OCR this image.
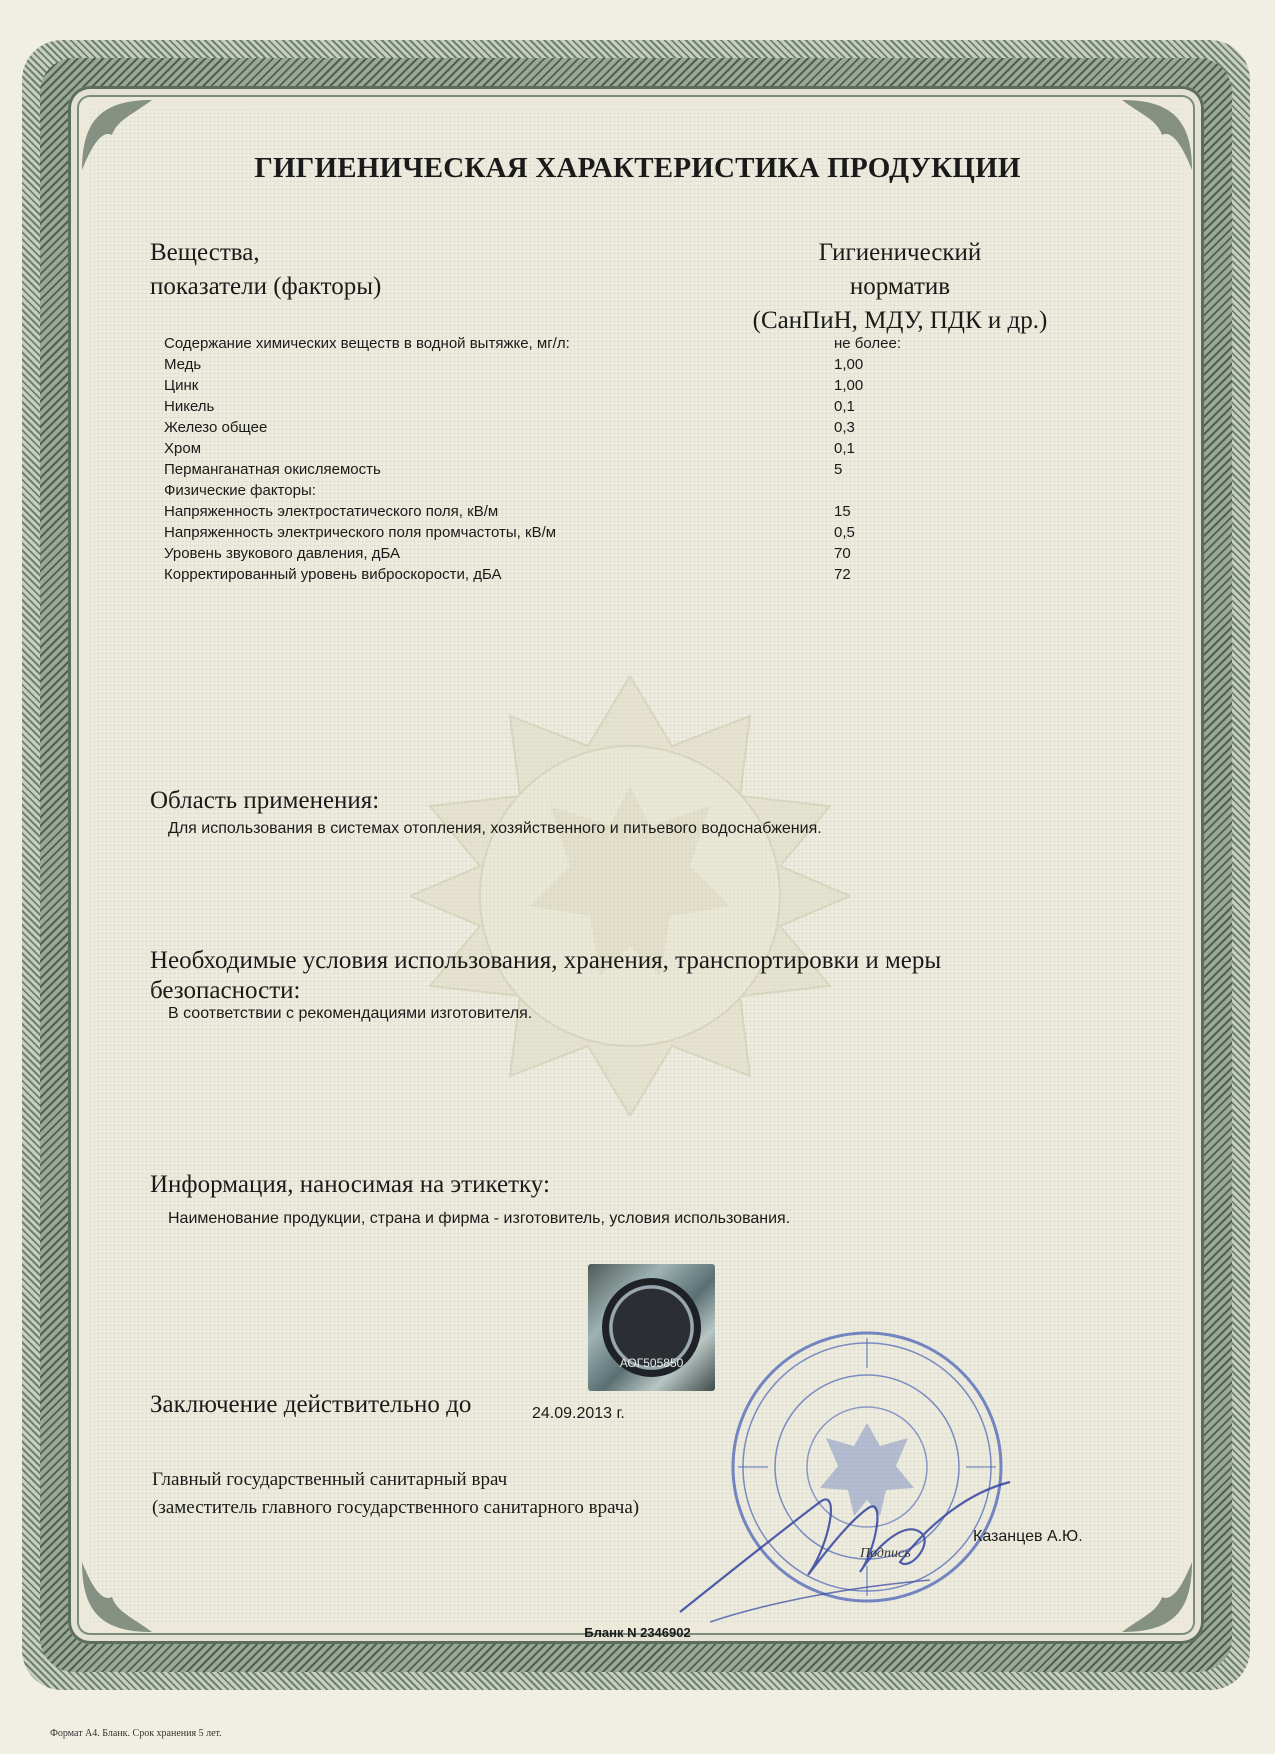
ГИГИЕНИЧЕСКАЯ ХАРАКТЕРИСТИКА ПРОДУКЦИИ
Вещества,
показатели (факторы)
Гигиенический
норматив
(СанПиН, МДУ, ПДК и др.)
Содержание химических веществ в водной вытяжке, мг/л:	не более:
Медь	1,00
Цинк	1,00
Никель	0,1
Железо общее	0,3
Хром	0,1
Перманганатная окисляемость	5
Физические факторы:
Напряженность электростатического поля, кВ/м	15
Напряженность электрического поля промчастоты, кВ/м	0,5
Уровень звукового давления, дБА	70
Корректированный уровень виброскорости, дБА	72
Область применения:
Для использования в системах отопления, хозяйственного и питьевого водоснабжения.
Необходимые условия использования, хранения, транспортировки и меры
безопасности:
В соответствии с рекомендациями изготовителя.
Информация, наносимая на этикетку:
Наименование продукции, страна и фирма - изготовитель, условия использования.
АОГ505850
Заключение действительно до	24.09.2013 г.
Главный государственный санитарный врач
(заместитель главного государственного санитарного врача)
Подпись
Казанцев А.Ю.
Бланк N 2346902
Формат А4. Бланк. Срок хранения 5 лет.
